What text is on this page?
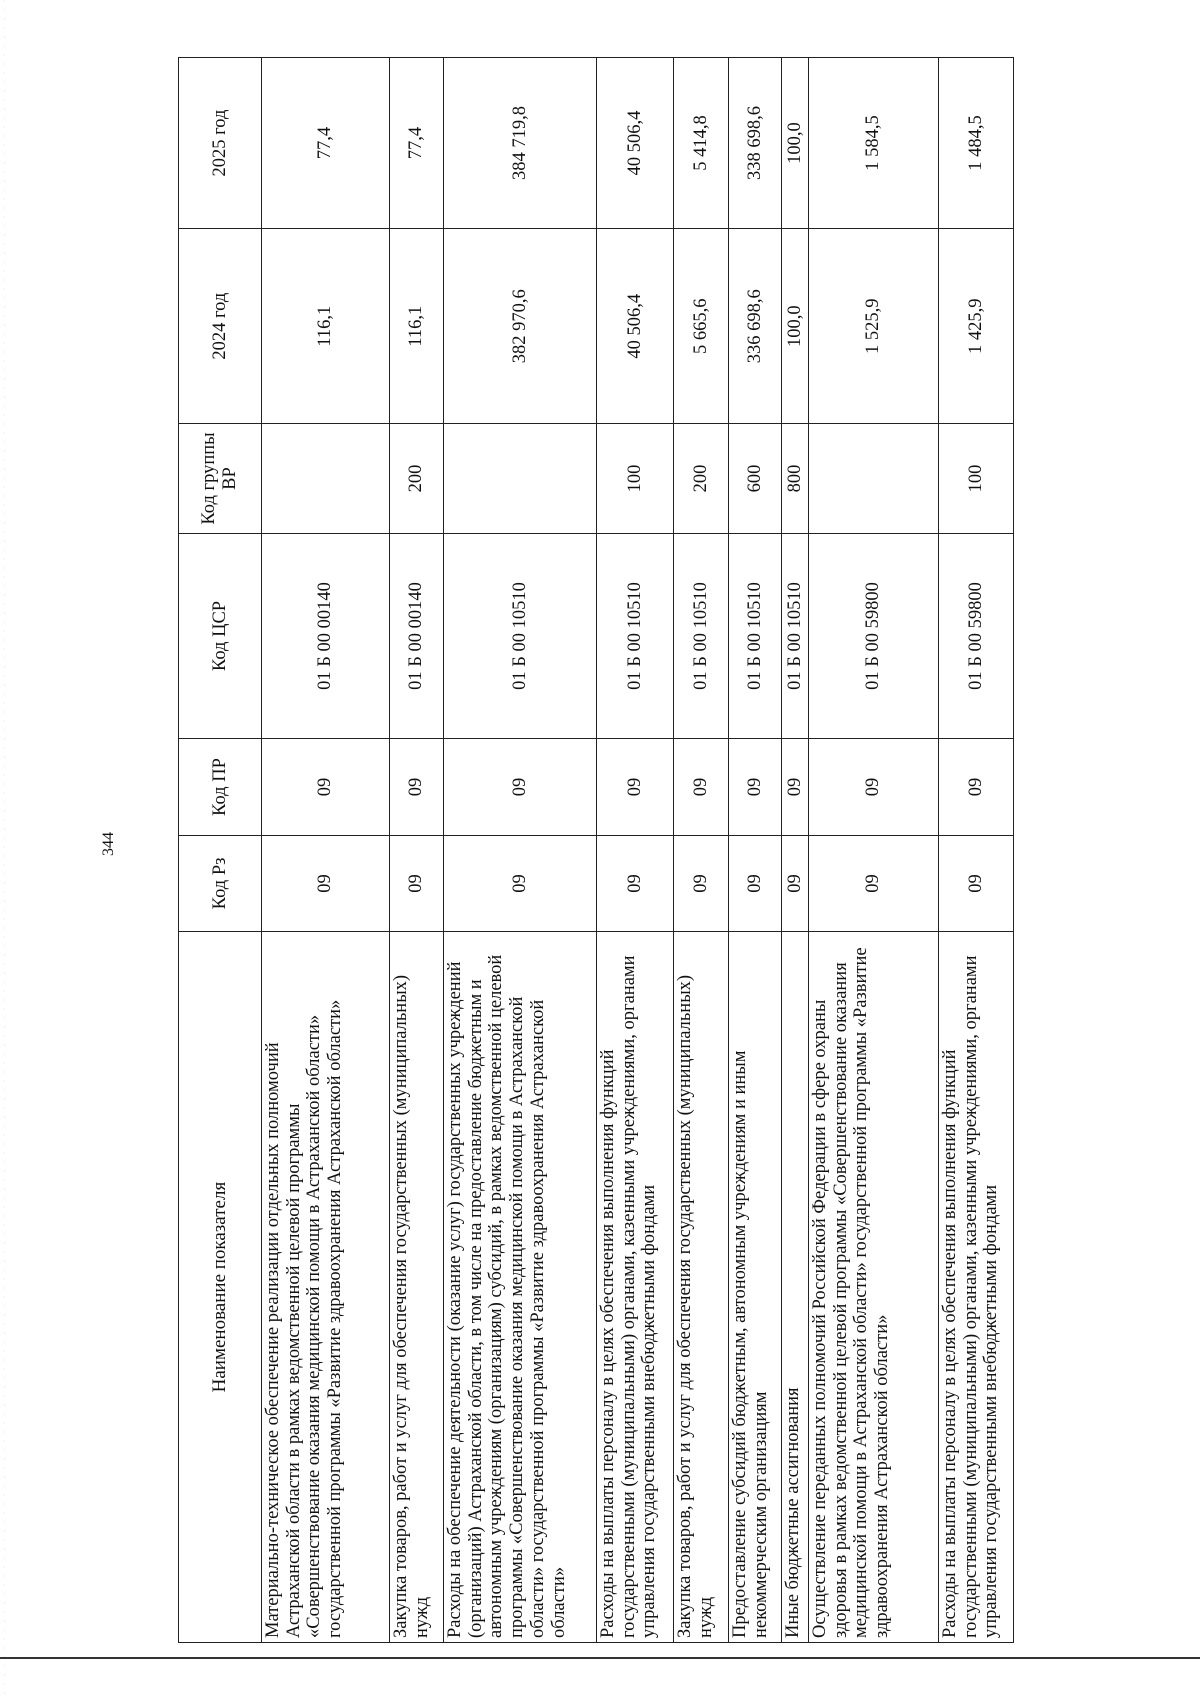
344
Наименование показателя	Код Рз	Код ПР	Код ЦСР	Код группы ВР	2024 год	2025 год
Материально-техническое обеспечение реализации отдельных полномочий Астраханской области в рамках ведомственной целевой программы «Совершенствование оказания медицинской помощи в Астраханской области» государственной программы «Развитие здравоохранения Астраханской области»	09	09	01 Б 00 00140		116,1	77,4
Закупка товаров, работ и услуг для обеспечения государственных (муниципальных) нужд	09	09	01 Б 00 00140	200	116,1	77,4
Расходы на обеспечение деятельности (оказание услуг) государственных учреждений (организаций) Астраханской области, в том числе на предоставление бюджетным и автономным учреждениям (организациям) субсидий, в рамках ведомственной целевой программы «Совершенствование оказания медицинской помощи в Астраханской области» государственной программы «Развитие здравоохранения Астраханской области»	09	09	01 Б 00 10510		382 970,6	384 719,8
Расходы на выплаты персоналу в целях обеспечения выполнения функций государственными (муниципальными) органами, казенными учреждениями, органами управления государственными внебюджетными фондами	09	09	01 Б 00 10510	100	40 506,4	40 506,4
Закупка товаров, работ и услуг для обеспечения государственных (муниципальных) нужд	09	09	01 Б 00 10510	200	5 665,6	5 414,8
Предоставление субсидий бюджетным, автономным учреждениям и иным некоммерческим организациям	09	09	01 Б 00 10510	600	336 698,6	338 698,6
Иные бюджетные ассигнования	09	09	01 Б 00 10510	800	100,0	100,0
Осуществление переданных полномочий Российской Федерации в сфере охраны здоровья в рамках ведомственной целевой программы «Совершенствование оказания медицинской помощи в Астраханской области» государственной программы «Развитие здравоохранения Астраханской области»	09	09	01 Б 00 59800		1 525,9	1 584,5
Расходы на выплаты персоналу в целях обеспечения выполнения функций государственными (муниципальными) органами, казенными учреждениями, органами управления государственными внебюджетными фондами	09	09	01 Б 00 59800	100	1 425,9	1 484,5
